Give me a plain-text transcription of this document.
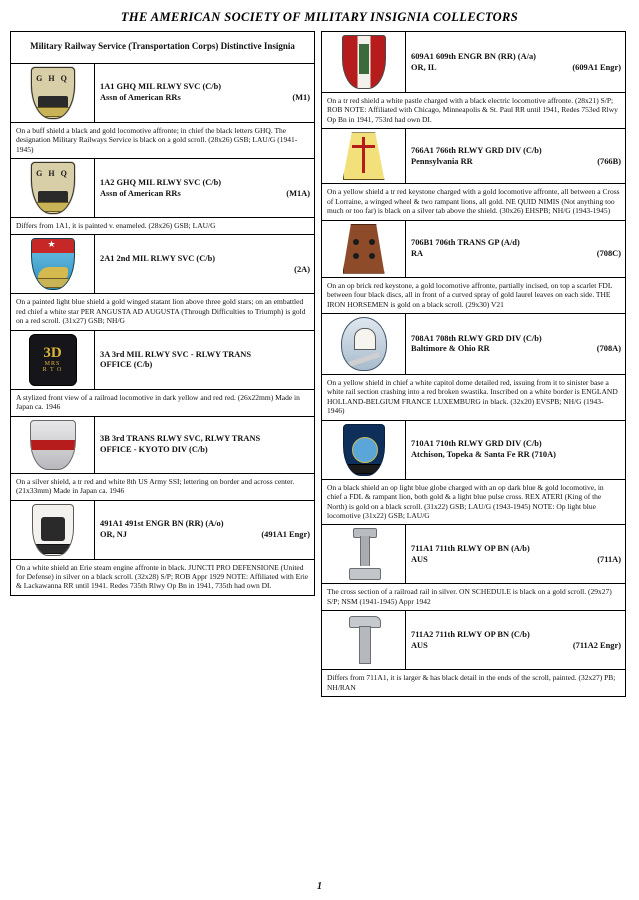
THE AMERICAN SOCIETY OF MILITARY INSIGNIA COLLECTORS
Military Railway Service (Transportation Corps) Distinctive Insignia
G H Q
1A1 GHQ MIL RLWY SVC (C/b)
Assn of American RRs	(M1)
On a buff shield a black and gold locomotive affronte; in chief the black letters GHQ. The designation Military Railways Service is black on a gold scroll. (28x26) GSB; LAU/G (1941-1945)
G H Q
1A2 GHQ MIL RLWY SVC (C/b)
Assn of American RRs	(M1A)
Differs from 1A1, it is painted v. enameled. (28x26) GSB; LAU/G
★
2A1 2nd MIL RLWY SVC (C/b)
(2A)
On a painted light blue shield a gold winged statant lion above three gold stars; on an embattled red chief a white star PER ANGUSTA AD AUGUSTA (Through Difficulties to Triumph) is gold on a red scroll. (31x27) GSB; NH/G
3D
MRS
R T O
3A 3rd MIL RLWY SVC - RLWY TRANS
OFFICE (C/b)
A stylized front view of a railroad locomotive in dark yellow and red red. (26x22mm) Made in Japan ca. 1946
3B 3rd TRANS RLWY SVC, RLWY TRANS
OFFICE - KYOTO DIV (C/b)
On a silver shield, a tr red and white 8th US Army SSI; lettering on border and across center. (21x33mm) Made in Japan ca. 1946
491A1 491st ENGR BN (RR) (A/o)
OR, NJ	(491A1 Engr)
On a white shield an Erie steam engine affronte in black. JUNCTI PRO DEFENSIONE (United for Defense) in silver on a black scroll. (32x28) S/P; ROB Appr 1929 NOTE: Affiliated with Erie & Lackawanna RR until 1941. Redes 735th Rlwy Op Bn in 1941, 735th had own DI.
609A1 609th ENGR BN (RR) (A/a)
OR, IL	(609A1 Engr)
On a tr red shield a white pastle charged with a black electric locomotive affronte. (28x21) S/P; ROB NOTE: Affiliated with Chicago, Minneapolis & St. Paul RR until 1941, Redes 753ed Rlwy Op Bn in 1941, 753rd had own DI.
766A1 766th RLWY GRD DIV (C/b)
Pennsylvania RR	(766B)
On a yellow shield a tr red keystone charged with a gold locomotive affronte, all between a Cross of Lorraine, a winged wheel & two rampant lions, all gold. NE QUID NIMIS (Not anything too much or too far) is black on a silver tab above the shield. (30x26) EHSPB; NH/G (1943-1945)
706B1 706th TRANS GP (A/d)
RA	(708C)
On an op brick red keystone, a gold locomotive affronte, partially incised, on top a scarlet FDL between four black discs, all in front of a curved spray of gold laurel leaves on each side. THE IRON HORSEMEN is gold on a black scroll. (29x30) V21
708A1 708th RLWY GRD DIV (C/b)
Baltimore & Ohio RR	(708A)
On a yellow shield in chief a white capitol dome detailed red, issuing from it to sinister base a white rail section crashing into a red broken swastika. Inscribed on a white border is ENGLAND HOLLAND-BELGIUM FRANCE LUXEMBURG in black. (32x20) EVSPB; NH/G (1943-1946)
710A1 710th RLWY GRD DIV (C/b)
Atchison, Topeka & Santa Fe RR (710A)
On a black shield an op light blue globe charged with an op dark blue & gold locomotive, in chief a FDL & rampant lion, both gold & a light blue pulse cross. REX ATERI (King of the North) is gold on a black scroll. (31x22) GSB; LAU/G (1943-1945) NOTE: Op light blue locomotive (31x22) GSB; LAU/G
711A1 711th RLWY OP BN (A/b)
AUS	(711A)
The cross section of a railroad rail in silver. ON SCHEDULE is black on a gold scroll. (29x27) S/P; NSM (1941-1945) Appr 1942
711A2 711th RLWY OP BN (C/b)
AUS	(711A2 Engr)
Differs from 711A1, it is larger & has black detail in the ends of the scroll, painted. (32x27) PB; NH/RAN
1
